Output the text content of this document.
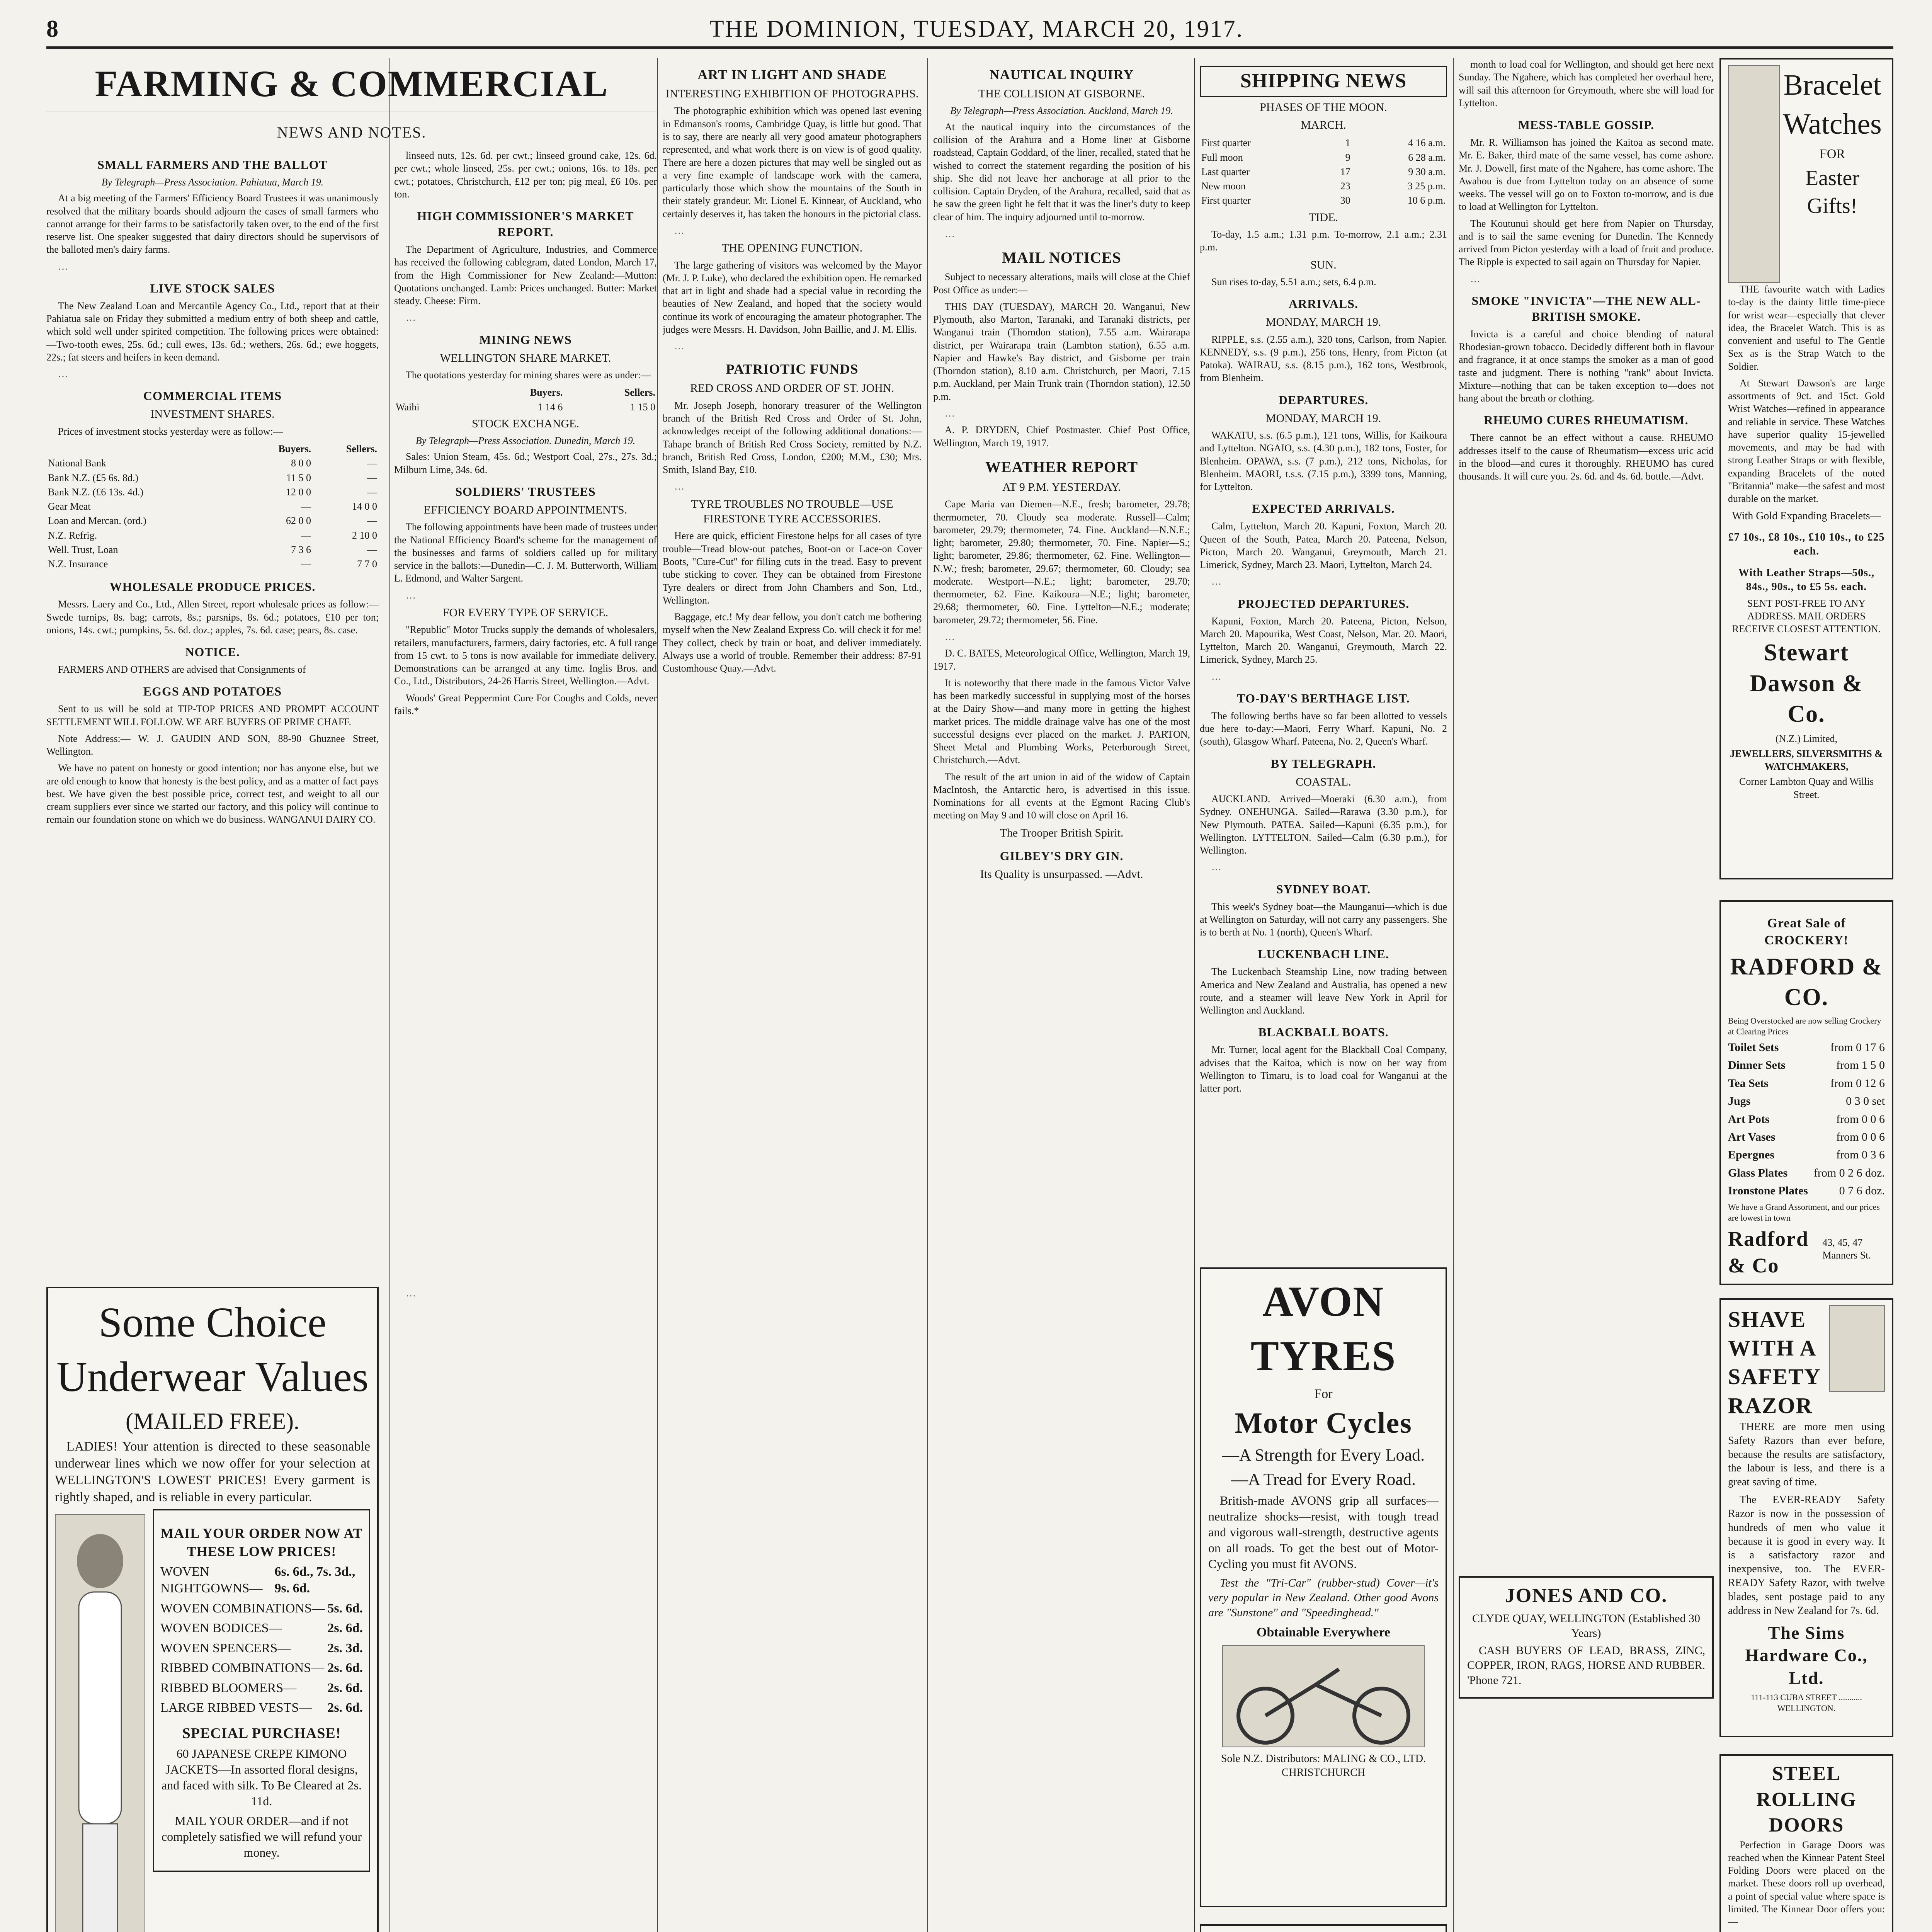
8	THE DOMINION, TUESDAY, MARCH 20, 1917.
FARMING & COMMERCIAL
NEWS AND NOTES.
SMALL FARMERS AND THE BALLOT
By Telegraph—Press Association. Pahiatua, March 19.

At a big meeting of the Farmers' Efficiency Board Trustees it was unanimously resolved that the military boards should adjourn the cases of small farmers who cannot arrange for their farms to be satisfactorily taken over, to the end of the first reserve list. One speaker suggested that dairy directors should be supervisors of the balloted men's dairy farms.

…

LIVE STOCK SALES

The New Zealand Loan and Mercantile Agency Co., Ltd., report that at their Pahiatua sale on Friday they submitted a medium entry of both sheep and cattle, which sold well under spirited competition. The following prices were obtained:—Two-tooth ewes, 25s. 6d.; cull ewes, 13s. 6d.; wethers, 26s. 6d.; ewe hoggets, 22s.; fat steers and heifers in keen demand.

…

COMMERCIAL ITEMS
INVESTMENT SHARES.

Prices of investment stocks yesterday were as follow:—

	Buyers.	Sellers.
National Bank	8 0 0	—
Bank N.Z. (£5 6s. 8d.)	11 5 0	—
Bank N.Z. (£6 13s. 4d.)	12 0 0	—
Gear Meat	—	14 0 0
Loan and Mercan. (ord.)	62 0 0	—
N.Z. Refrig.	—	2 10 0
Well. Trust, Loan	7 3 6	—
N.Z. Insurance	—	7 7 0
WHOLESALE PRODUCE PRICES.

Messrs. Laery and Co., Ltd., Allen Street, report wholesale prices as follow:—Swede turnips, 8s. bag; carrots, 8s.; parsnips, 8s. 6d.; potatoes, £10 per ton; onions, 14s. cwt.; pumpkins, 5s. 6d. doz.; apples, 7s. 6d. case; pears, 8s. case.

NOTICE.

FARMERS AND OTHERS are advised that Consignments of

EGGS AND POTATOES

Sent to us will be sold at TIP-TOP PRICES AND PROMPT ACCOUNT SETTLEMENT WILL FOLLOW. WE ARE BUYERS OF PRIME CHAFF.

Note Address:— W. J. GAUDIN AND SON, 88-90 Ghuznee Street, Wellington.

We have no patent on honesty or good intention; nor has anyone else, but we are old enough to know that honesty is the best policy, and as a matter of fact pays best. We have given the best possible price, correct test, and weight to all our cream suppliers ever since we started our factory, and this policy will continue to remain our foundation stone on which we do business. WANGANUI DAIRY CO.

linseed nuts, 12s. 6d. per cwt.; linseed ground cake, 12s. 6d. per cwt.; whole linseed, 25s. per cwt.; onions, 16s. to 18s. per cwt.; potatoes, Christchurch, £12 per ton; pig meal, £6 10s. per ton.

HIGH COMMISSIONER'S MARKET REPORT.

The Department of Agriculture, Industries, and Commerce has received the following cablegram, dated London, March 17, from the High Commissioner for New Zealand:—Mutton: Quotations unchanged. Lamb: Prices unchanged. Butter: Market steady. Cheese: Firm.

…

MINING NEWS
WELLINGTON SHARE MARKET.

The quotations yesterday for mining shares were as under:—

	Buyers.	Sellers.
Waihi	1 14 6	1 15 0
STOCK EXCHANGE.
By Telegraph—Press Association. Dunedin, March 19.

Sales: Union Steam, 45s. 6d.; Westport Coal, 27s., 27s. 3d.; Milburn Lime, 34s. 6d.

SOLDIERS' TRUSTEES
EFFICIENCY BOARD APPOINTMENTS.

The following appointments have been made of trustees under the National Efficiency Board's scheme for the management of the businesses and farms of soldiers called up for military service in the ballots:—Dunedin—C. J. M. Butterworth, William L. Edmond, and Walter Sargent.

…

FOR EVERY TYPE OF SERVICE.

"Republic" Motor Trucks supply the demands of wholesalers, retailers, manufacturers, farmers, dairy factories, etc. A full range from 15 cwt. to 5 tons is now available for immediate delivery. Demonstrations can be arranged at any time. Inglis Bros. and Co., Ltd., Distributors, 24-26 Harris Street, Wellington.—Advt.

Woods' Great Peppermint Cure For Coughs and Colds, never fails.*

Some Choice Underwear Values
(MAILED FREE).

LADIES! Your attention is directed to these seasonable underwear lines which we now offer for your selection at WELLINGTON'S LOWEST PRICES! Every garment is rightly shaped, and is reliable in every particular.

MAIL YOUR ORDER NOW AT THESE LOW PRICES!
WOVEN NIGHTGOWNS—
6s. 6d., 7s. 3d., 9s. 6d.
WOVEN COMBINATIONS— 5s. 6d.
WOVEN BODICES—	2s. 6d.
WOVEN SPENCERS—	2s. 3d.
RIBBED COMBINATIONS— 2s. 6d.
RIBBED BLOOMERS— 2s. 6d.
LARGE RIBBED VESTS— 2s. 6d.
SPECIAL PURCHASE!

60 JAPANESE CREPE KIMONO JACKETS—In assorted floral designs, and faced with silk. To Be Cleared at 2s. 11d.

MAIL YOUR ORDER—and if not completely satisfied we will refund your money.

…

ART IN LIGHT AND SHADE
INTERESTING EXHIBITION OF PHOTOGRAPHS.

The photographic exhibition which was opened last evening in Edmanson's rooms, Cambridge Quay, is little but good. That is to say, there are nearly all very good amateur photographers represented, and what work there is on view is of good quality. There are here a dozen pictures that may well be singled out as a very fine example of landscape work with the camera, particularly those which show the mountains of the South in their stately grandeur. Mr. Lionel E. Kinnear, of Auckland, who certainly deserves it, has taken the honours in the pictorial class.

…

THE OPENING FUNCTION.

The large gathering of visitors was welcomed by the Mayor (Mr. J. P. Luke), who declared the exhibition open. He remarked that art in light and shade had a special value in recording the beauties of New Zealand, and hoped that the society would continue its work of encouraging the amateur photographer. The judges were Messrs. H. Davidson, John Baillie, and J. M. Ellis.

…

PATRIOTIC FUNDS
RED CROSS AND ORDER OF ST. JOHN.

Mr. Joseph Joseph, honorary treasurer of the Wellington branch of the British Red Cross and Order of St. John, acknowledges receipt of the following additional donations:—Tahape branch of British Red Cross Society, remitted by N.Z. branch, British Red Cross, London, £200; M.M., £30; Mrs. Smith, Island Bay, £10.

…

TYRE TROUBLES NO TROUBLE—USE FIRESTONE TYRE ACCESSORIES.

Here are quick, efficient Firestone helps for all cases of tyre trouble—Tread blow-out patches, Boot-on or Lace-on Cover Boots, "Cure-Cut" for filling cuts in the tread. Easy to prevent tube sticking to cover. They can be obtained from Firestone Tyre dealers or direct from John Chambers and Son, Ltd., Wellington.

Baggage, etc.! My dear fellow, you don't catch me bothering myself when the New Zealand Express Co. will check it for me! They collect, check by train or boat, and deliver immediately. Always use a world of trouble. Remember their address: 87-91 Customhouse Quay.—Advt.

NAUTICAL INQUIRY
THE COLLISION AT GISBORNE.
By Telegraph—Press Association. Auckland, March 19.

At the nautical inquiry into the circumstances of the collision of the Arahura and a Home liner at Gisborne roadstead, Captain Goddard, of the liner, recalled, stated that he wished to correct the statement regarding the position of his ship. She did not leave her anchorage at all prior to the collision. Captain Dryden, of the Arahura, recalled, said that as he saw the green light he felt that it was the liner's duty to keep clear of him. The inquiry adjourned until to-morrow.

…

MAIL NOTICES

Subject to necessary alterations, mails will close at the Chief Post Office as under:—

THIS DAY (TUESDAY), MARCH 20. Wanganui, New Plymouth, also Marton, Taranaki, and Taranaki districts, per Wanganui train (Thorndon station), 7.55 a.m. Wairarapa district, per Wairarapa train (Lambton station), 6.55 a.m. Napier and Hawke's Bay district, and Gisborne per train (Thorndon station), 8.10 a.m. Christchurch, per Maori, 7.15 p.m. Auckland, per Main Trunk train (Thorndon station), 12.50 p.m.

…

A. P. DRYDEN, Chief Postmaster. Chief Post Office, Wellington, March 19, 1917.

WEATHER REPORT
AT 9 P.M. YESTERDAY.

Cape Maria van Diemen—N.E., fresh; barometer, 29.78; thermometer, 70. Cloudy sea moderate. Russell—Calm; barometer, 29.79; thermometer, 74. Fine. Auckland—N.N.E.; light; barometer, 29.80; thermometer, 70. Fine. Napier—S.; light; barometer, 29.86; thermometer, 62. Fine. Wellington—N.W.; fresh; barometer, 29.67; thermometer, 60. Cloudy; sea moderate. Westport—N.E.; light; barometer, 29.70; thermometer, 62. Fine. Kaikoura—N.E.; light; barometer, 29.68; thermometer, 60. Fine. Lyttelton—N.E.; moderate; barometer, 29.72; thermometer, 56. Fine.

…

D. C. BATES, Meteorological Office, Wellington, March 19, 1917.

It is noteworthy that there made in the famous Victor Valve has been markedly successful in supplying most of the horses at the Dairy Show—and many more in getting the highest market prices. The middle drainage valve has one of the most successful designs ever placed on the market. J. PARTON, Sheet Metal and Plumbing Works, Peterborough Street, Christchurch.—Advt.

The result of the art union in aid of the widow of Captain MacIntosh, the Antarctic hero, is advertised in this issue. Nominations for all events at the Egmont Racing Club's meeting on May 9 and 10 will close on April 16.

The Trooper British Spirit.
GILBEY'S DRY GIN.
Its Quality is unsurpassed. —Advt.
SHIPPING NEWS
PHASES OF THE MOON.
MARCH.
First quarter	1	4 16 a.m.
Full moon	9	6 28 a.m.
Last quarter	17	9 30 a.m.
New moon	23	3 25 p.m.
First quarter	30	10 6 p.m.
TIDE.

To-day, 1.5 a.m.; 1.31 p.m. To-morrow, 2.1 a.m.; 2.31 p.m.

SUN.

Sun rises to-day, 5.51 a.m.; sets, 6.4 p.m.

ARRIVALS.
MONDAY, MARCH 19.

RIPPLE, s.s. (2.55 a.m.), 320 tons, Carlson, from Napier. KENNEDY, s.s. (9 p.m.), 256 tons, Henry, from Picton (at Patoka). WAIRAU, s.s. (8.15 p.m.), 162 tons, Westbrook, from Blenheim.

DEPARTURES.
MONDAY, MARCH 19.

WAKATU, s.s. (6.5 p.m.), 121 tons, Willis, for Kaikoura and Lyttelton. NGAIO, s.s. (4.30 p.m.), 182 tons, Foster, for Blenheim. OPAWA, s.s. (7 p.m.), 212 tons, Nicholas, for Blenheim. MAORI, t.s.s. (7.15 p.m.), 3399 tons, Manning, for Lyttelton.

EXPECTED ARRIVALS.

Calm, Lyttelton, March 20. Kapuni, Foxton, March 20. Queen of the South, Patea, March 20. Pateena, Nelson, Picton, March 20. Wanganui, Greymouth, March 21. Limerick, Sydney, March 23. Maori, Lyttelton, March 24.

…

PROJECTED DEPARTURES.

Kapuni, Foxton, March 20. Pateena, Picton, Nelson, March 20. Mapourika, West Coast, Nelson, Mar. 20. Maori, Lyttelton, March 20. Wanganui, Greymouth, March 22. Limerick, Sydney, March 25.

…

TO-DAY'S BERTHAGE LIST.

The following berths have so far been allotted to vessels due here to-day:—Maori, Ferry Wharf. Kapuni, No. 2 (south), Glasgow Wharf. Pateena, No. 2, Queen's Wharf.

BY TELEGRAPH.
COASTAL.

AUCKLAND. Arrived—Moeraki (6.30 a.m.), from Sydney. ONEHUNGA. Sailed—Rarawa (3.30 p.m.), for New Plymouth. PATEA. Sailed—Kapuni (6.35 p.m.), for Wellington. LYTTELTON. Sailed—Calm (6.30 p.m.), for Wellington.

…

SYDNEY BOAT.

This week's Sydney boat—the Maunganui—which is due at Wellington on Saturday, will not carry any passengers. She is to berth at No. 1 (north), Queen's Wharf.

LUCKENBACH LINE.

The Luckenbach Steamship Line, now trading between America and New Zealand and Australia, has opened a new route, and a steamer will leave New York in April for Wellington and Auckland.

BLACKBALL BOATS.

Mr. Turner, local agent for the Blackball Coal Company, advises that the Kaitoa, which is now on her way from Wellington to Timaru, is to load coal for Wanganui at the latter port.

AVON TYRES
For
Motor Cycles
—A Strength for Every Load.
—A Tread for Every Road.

British-made AVONS grip all surfaces—neutralize shocks—resist, with tough tread and vigorous wall-strength, destructive agents on all roads. To get the best out of Motor-Cycling you must fit AVONS.

Test the "Tri-Car" (rubber-stud) Cover—it's very popular in New Zealand. Other good Avons are "Sunstone" and "Speedinghead."

Obtainable Everywhere
Sole N.Z. Distributors: MALING & CO., LTD. CHRISTCHURCH

month to load coal for Wellington, and should get here next Sunday. The Ngahere, which has completed her overhaul here, will sail this afternoon for Greymouth, where she will load for Lyttelton.

MESS-TABLE GOSSIP.

Mr. R. Williamson has joined the Kaitoa as second mate. Mr. E. Baker, third mate of the same vessel, has come ashore. Mr. J. Dowell, first mate of the Ngahere, has come ashore. The Awahou is due from Lyttelton today on an absence of some weeks. The vessel will go on to Foxton to-morrow, and is due to load at Wellington for Lyttelton.

The Koutunui should get here from Napier on Thursday, and is to sail the same evening for Dunedin. The Kennedy arrived from Picton yesterday with a load of fruit and produce. The Ripple is expected to sail again on Thursday for Napier.

…

SMOKE "INVICTA"—THE NEW ALL-BRITISH SMOKE.

Invicta is a careful and choice blending of natural Rhodesian-grown tobacco. Decidedly different both in flavour and fragrance, it at once stamps the smoker as a man of good taste and judgment. There is nothing "rank" about Invicta. Mixture—nothing that can be taken exception to—does not hang about the breath or clothing.

RHEUMO CURES RHEUMATISM.

There cannot be an effect without a cause. RHEUMO addresses itself to the cause of Rheumatism—excess uric acid in the blood—and cures it thoroughly. RHEUMO has cured thousands. It will cure you. 2s. 6d. and 4s. 6d. bottle.—Advt.

JONES AND CO.
CLYDE QUAY, WELLINGTON (Established 30 Years)

CASH BUYERS OF LEAD, BRASS, ZINC, COPPER, IRON, RAGS, HORSE AND RUBBER. 'Phone 721.

Bracelet
Watches
FOR
Easter Gifts!

THE favourite watch with Ladies to-day is the dainty little time-piece for wrist wear—especially that clever idea, the Bracelet Watch. This is as convenient and useful to The Gentle Sex as is the Strap Watch to the Soldier.

At Stewart Dawson's are large assortments of 9ct. and 15ct. Gold Wrist Watches—refined in appearance and reliable in service. These Watches have superior quality 15-jewelled movements, and may be had with strong Leather Straps or with flexible, expanding Bracelets of the noted "Britannia" make—the safest and most durable on the market.

With Gold Expanding Bracelets—
£7 10s., £8 10s., £10 10s., to £25 each.
With Leather Straps—50s., 84s., 90s., to £5 5s. each.
SENT POST-FREE TO ANY ADDRESS. MAIL ORDERS RECEIVE CLOSEST ATTENTION.
Stewart Dawson & Co.
(N.Z.) Limited,
JEWELLERS, SILVERSMITHS & WATCHMAKERS,
Corner Lambton Quay and Willis Street.
Great Sale of CROCKERY!
RADFORD & CO.
Being Overstocked are now selling Crockery at Clearing Prices
Toilet Sets	from 0 17 6
Dinner Sets	from 1 5 0
Tea Sets	from 0 12 6
Jugs	0 3 0 set
Art Pots	from 0 0 6
Art Vases	from 0 0 6
Epergnes	from 0 3 6
Glass Plates from 0 2 6 doz.
Ironstone Plates	0 7 6 doz.
We have a Grand Assortment, and our prices are lowest in town
Radford & Co
43, 45, 47 Manners St.
SHAVE WITH A SAFETY RAZOR

THERE are more men using Safety Razors than ever before, because the results are satisfactory, the labour is less, and there is a great saving of time.

The EVER-READY Safety Razor is now in the possession of hundreds of men who value it because it is good in every way. It is a satisfactory razor and inexpensive, too. The EVER-READY Safety Razor, with twelve blades, sent postage paid to any address in New Zealand for 7s. 6d.

The Sims Hardware Co., Ltd.
111-113 CUBA STREET ........... WELLINGTON.
STEEL ROLLING DOORS

Perfection in Garage Doors was reached when the Kinnear Patent Steel Folding Doors were placed on the market. These doors roll up overhead, a point of special value where space is limited. The Kinnear Door offers you:—
